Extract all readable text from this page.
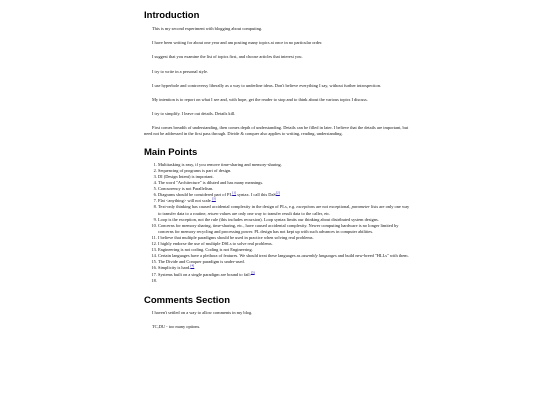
Introduction

This is my second experiment with blogging about computing.

I have been writing for about one year and am posting many topics at once in no particular order.

I suggest that you examine the list of topics first, and choose articles that interest you.

I try to write in a personal style.

I use hyperbole and controversy liberally as a way to underline ideas. Don't believe everything I say, without further introspection.

My intention is to report on what I see and, with hope, get the reader to stop and to think about the various topics I discuss.

I try to simplify. I leave out details. Details kill.

First comes breadth of understanding, then comes depth of understanding. Details can be filled in later. I believe that the details are important, but need not be addressed in the first pass through. Divide & conquer also applies to writing, reading, understanding.

Main Points
1. Multitasking is easy, if you remove time-sharing and memory-sharing.
2. Sequencing of programs is part of design.
3. DI (Design Intent) is important.
4. The word "Architecture" is diluted and has many meanings.
5. Concurrency is not Parallelism.
6. Diagrams should be considered part of PL[1] syntax. I call this DaS[2]
7. Flat <anything> will not scale.[3]
8. Text-only thinking has caused accidental complexity in the design of PLs, e.g. exceptions are not exceptional, parameter lists are only one way to transfer data to a routine, return values are only one way to transfer result data to the caller, etc.
9. Loop is the exception, not the rule (this includes recursion). Loop syntax limits our thinking about distributed system designs.
10. Concerns for memory sharing, time-sharing, etc., have caused accidental complexity. Newer computing hardware is no longer limited by concerns for memory recycling and processing power. PL design has not kept up with such advances in computer abilities.
11. I believe that multiple paradigms should be used in practice when solving real problems.
12. I highly endorse the use of multiple DSLs to solve real problems.
13. Engineering is not coding. Coding is not Engineering.
14. Certain languages have a plethora of features. We should treat these languages as assembly languages and build new-breed "HLLs" with them.
15. The Divide and Conquer paradigm is under-used.
16. Simplicity is hard.[4]
17. Systems built on a single paradigm are bound to fail.[5]
18.
Comments Section

I haven't settled on a way to allow comments in my blog.

TC,DU - too many options.
